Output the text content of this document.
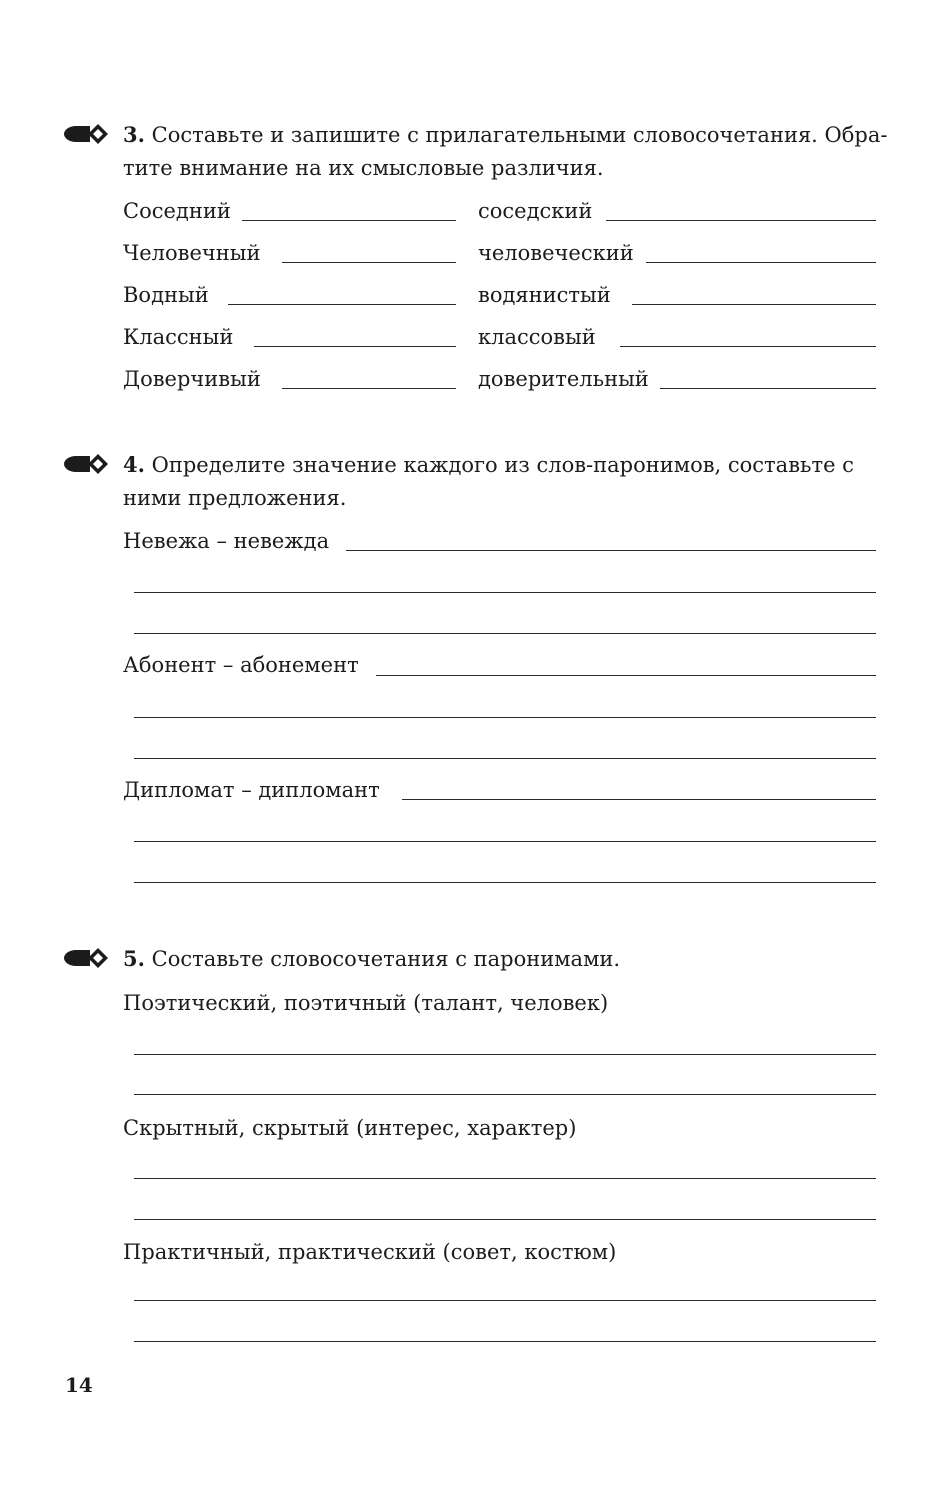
3. Составьте и запишите с прилагательными словосочетания. Обра-
тите внимание на их смысловые различия.
Соседний	соседский
Человечный	человеческий
Водный	водянистый
Классный	классовый
Доверчивый	доверительный
4. Определите значение каждого из слов-паронимов, составьте с
ними предложения.
Невежа – невежда
Абонент – абонемент
Дипломат – дипломант
5. Составьте словосочетания с паронимами.
Поэтический, поэтичный (талант, человек)
Скрытный, скрытый (интерес, характер)
Практичный, практический (совет, костюм)
14
